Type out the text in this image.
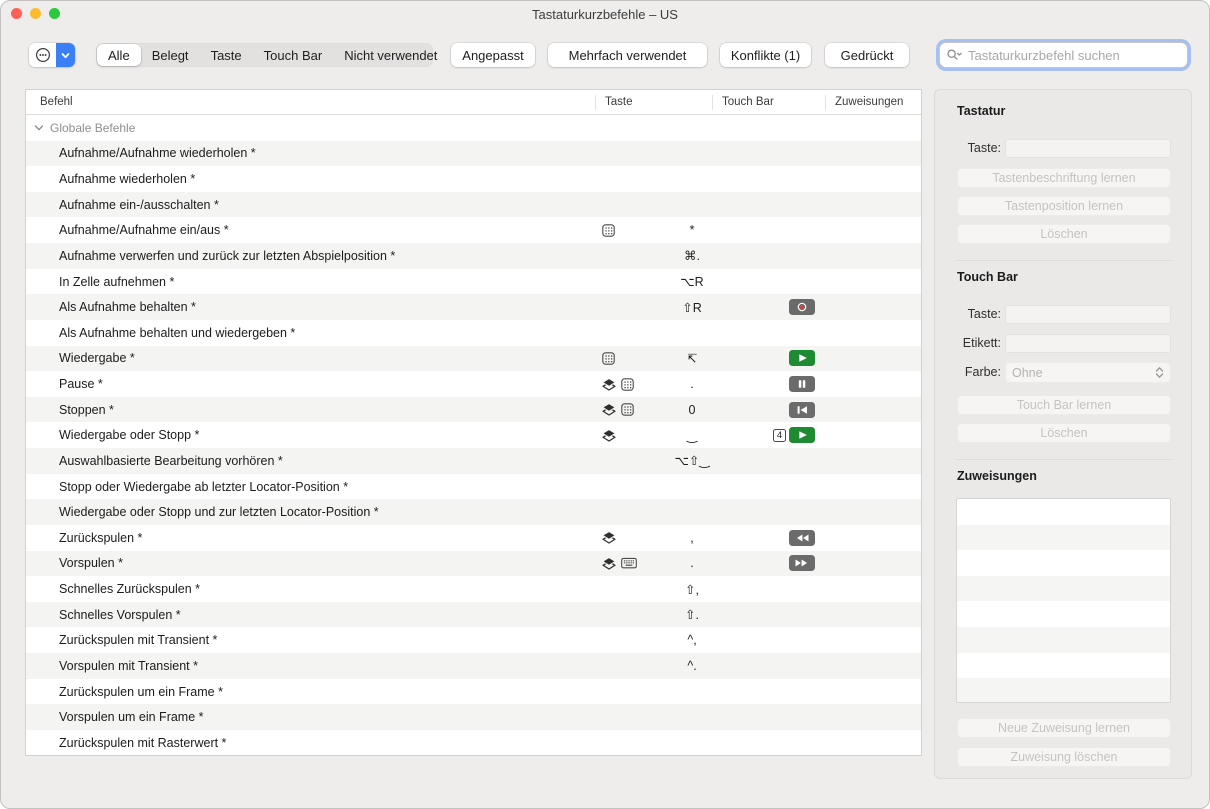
Tastaturkurzbefehle – US
Alle	Belegt	Taste	Touch Bar	Nicht verwendet	Angepasst	Mehrfach verwendet	Konflikte (1)	Gedrückt
Tastaturkurzbefehl suchen
Befehl	Taste	Touch Bar	Zuweisungen
Globale Befehle
Aufnahme/Aufnahme wiederholen *
Aufnahme wiederholen *
Aufnahme ein-/ausschalten *
Aufnahme/Aufnahme ein/aus *	*
Aufnahme verwerfen und zurück zur letzten Abspielposition *	⌘.
In Zelle aufnehmen *	⌥R
Als Aufnahme behalten *	⇧R
Als Aufnahme behalten und wiedergeben *
Wiedergabe *	↸
Pause *	.
Stoppen *	0
Wiedergabe oder Stopp *	‿	4
Auswahlbasierte Bearbeitung vorhören *	⌥⇧‿
Stopp oder Wiedergabe ab letzter Locator-Position *
Wiedergabe oder Stopp und zur letzten Locator-Position *
Zurückspulen *	,
Vorspulen *	.
Schnelles Zurückspulen *	⇧,
Schnelles Vorspulen *	⇧.
Zurückspulen mit Transient *	^,
Vorspulen mit Transient *	^.
Zurückspulen um ein Frame *
Vorspulen um ein Frame *
Zurückspulen mit Rasterwert *
Tastatur
Taste:
Tastenbeschriftung lernen
Tastenposition lernen
Löschen
Touch Bar
Taste:
Etikett:
Farbe: Ohne
Touch Bar lernen
Löschen
Zuweisungen
Neue Zuweisung lernen
Zuweisung löschen
